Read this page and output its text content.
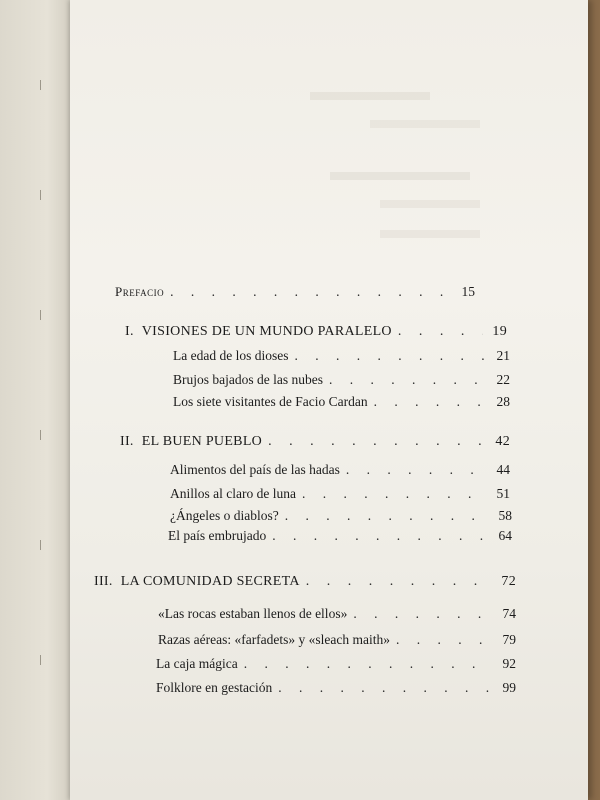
Prefacio . . .	15
I. VISIONES DE UN MUNDO PARALELO . . .	19
La edad de los dioses . . .	21
Brujos bajados de las nubes . . .	22
Los siete visitantes de Facio Cardan . . .	28
II. EL BUEN PUEBLO . . .	42
Alimentos del país de las hadas . . .	44
Anillos al claro de luna . . .	51
¿Ángeles o diablos? . . .	58
El país embrujado . . .	64
III. LA COMUNIDAD SECRETA . . .	72
«Las rocas estaban llenos de ellos» . . .	74
Razas aéreas: «farfadets» y «sleach maith» . . .	79
La caja mágica . . .	92
Folklore en gestación . . .	99
